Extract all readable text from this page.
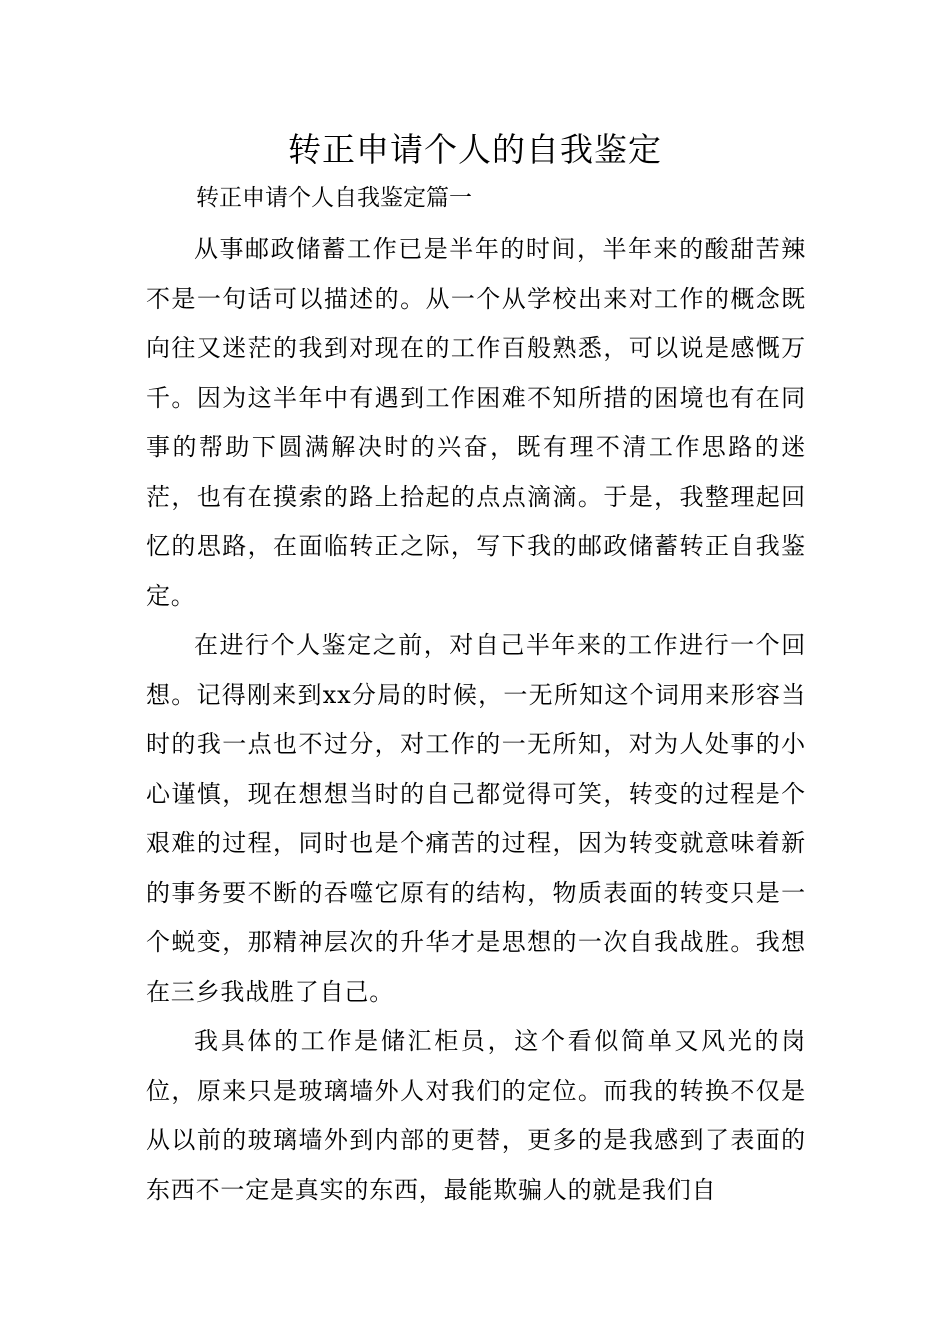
转正申请个人的自我鉴定
转正申请个人自我鉴定篇一

从事邮政储蓄工作已是半年的时间，半年来的酸甜苦辣不是一句话可以描述的。从一个从学校出来对工作的概念既向往又迷茫的我到对现在的工作百般熟悉，可以说是感慨万千。因为这半年中有遇到工作困难不知所措的困境也有在同事的帮助下圆满解决时的兴奋，既有理不清工作思路的迷茫，也有在摸索的路上拾起的点点滴滴。于是，我整理起回忆的思路，在面临转正之际，写下我的邮政储蓄转正自我鉴定。

在进行个人鉴定之前，对自己半年来的工作进行一个回想。记得刚来到xx分局的时候，一无所知这个词用来形容当时的我一点也不过分，对工作的一无所知，对为人处事的小心谨慎，现在想想当时的自己都觉得可笑，转变的过程是个艰难的过程，同时也是个痛苦的过程，因为转变就意味着新的事务要不断的吞噬它原有的结构，物质表面的转变只是一个蜕变，那精神层次的升华才是思想的一次自我战胜。我想在三乡我战胜了自己。

我具体的工作是储汇柜员，这个看似简单又风光的岗位，原来只是玻璃墙外人对我们的定位。而我的转换不仅是从以前的玻璃墙外到内部的更替，更多的是我感到了表面的东西不一定是真实的东西，最能欺骗人的就是我们自
